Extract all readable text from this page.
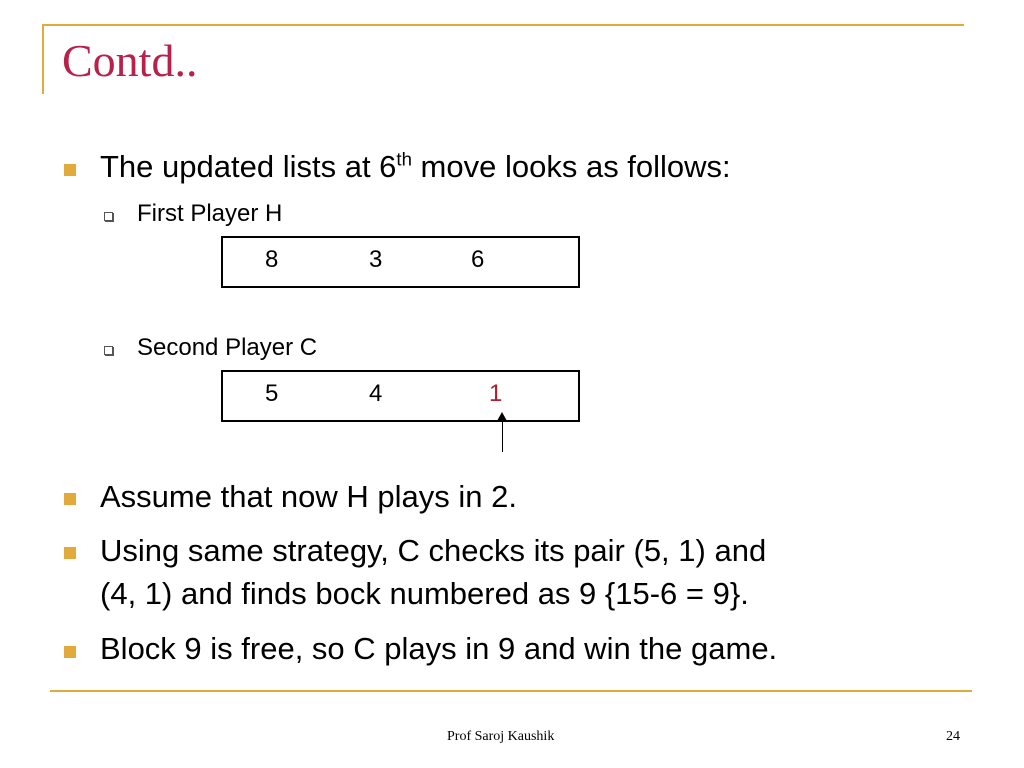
Contd..
The updated lists at 6th move looks as follows:
First Player H
8	3	6
Second Player C
5	4	1
Assume that now H plays in 2.
Using same strategy, C checks its pair (5, 1) and
(4, 1) and finds bock numbered as 9 {15-6 = 9}.
Block 9 is free, so C plays in 9 and win the game.
Prof Saroj Kaushik	24
